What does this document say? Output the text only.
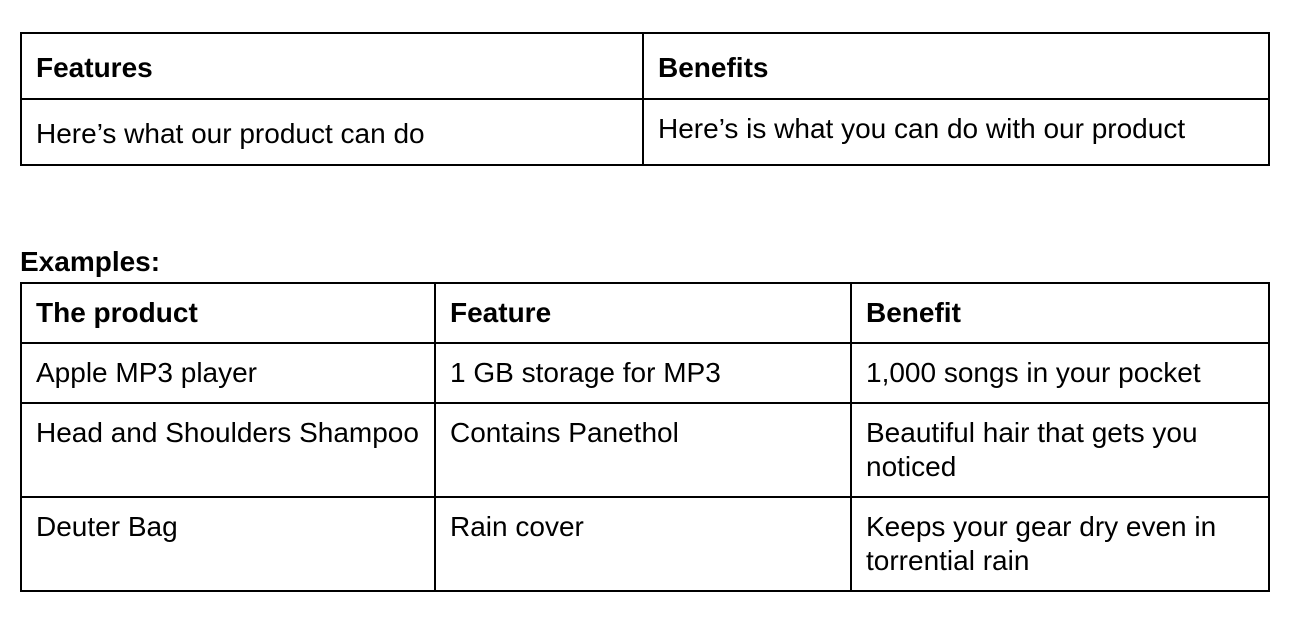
Features	Benefits
Here’s what our product can do	Here’s is what you can do with our product

Examples:

The product	Feature	Benefit
Apple MP3 player	1 GB storage for MP3	1,000 songs in your pocket
Head and Shoulders Shampoo	Contains Panethol	Beautiful hair that gets you noticed
Deuter Bag	Rain cover	Keeps your gear dry even in torrential rain
